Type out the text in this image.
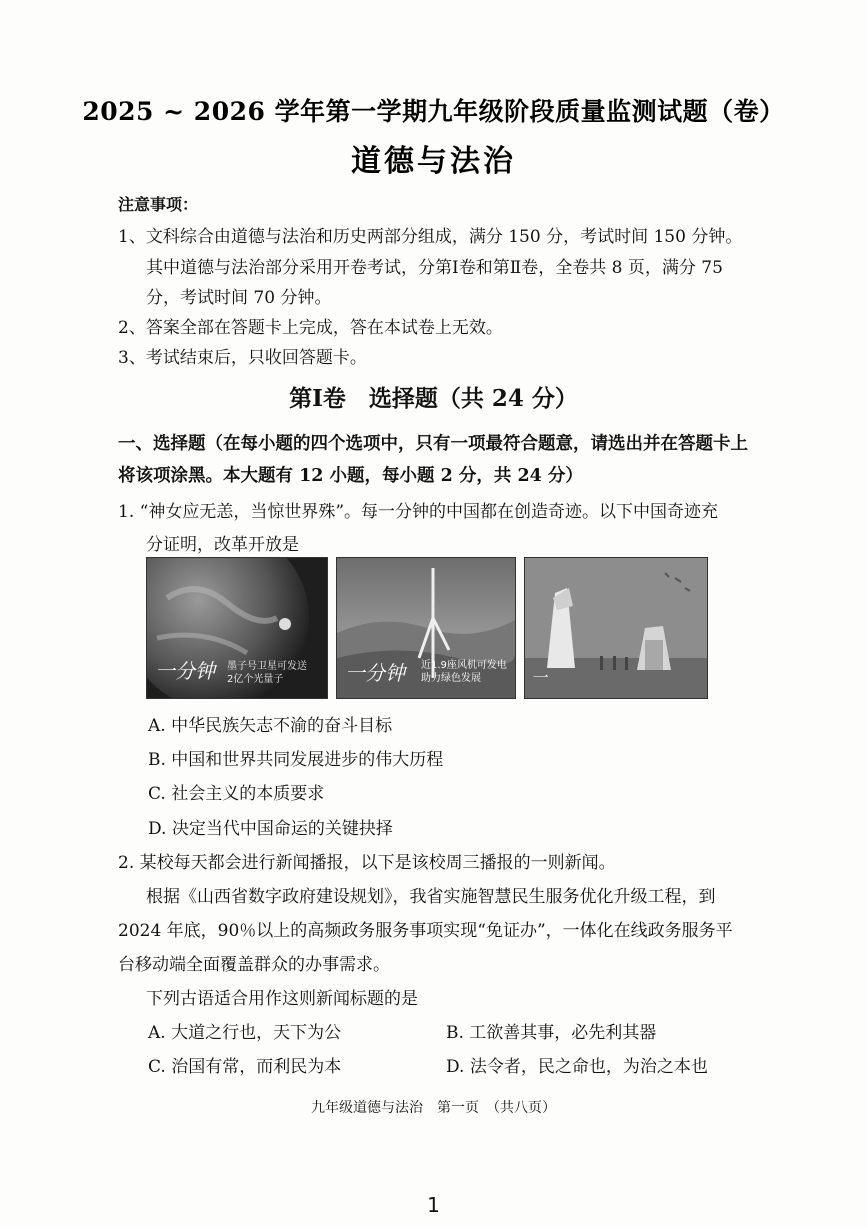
2025 ~ 2026 学年第一学期九年级阶段质量监测试题（卷）
道德与法治
注意事项：
1、文科综合由道德与法治和历史两部分组成，满分 150 分，考试时间 150 分钟。
其中道德与法治部分采用开卷考试，分第Ⅰ卷和第Ⅱ卷，全卷共 8 页，满分 75
分，考试时间 70 分钟。
2、答案全部在答题卡上完成，答在本试卷上无效。
3、考试结束后，只收回答题卡。
第Ⅰ卷　选择题（共 24 分）
一、选择题（在每小题的四个选项中，只有一项最符合题意，请选出并在答题卡上
将该项涂黑。本大题有 12 小题，每小题 2 分，共 24 分）
1. “神女应无恙，当惊世界殊”。每一分钟的中国都在创造奇迹。以下中国奇迹充
分证明，改革开放是
一分钟 墨子号卫星可发送
2亿个光量子	一分钟 近1.9座风机可发电
助力绿色发展	一
A. 中华民族矢志不渝的奋斗目标
B. 中国和世界共同发展进步的伟大历程
C. 社会主义的本质要求
D. 决定当代中国命运的关键抉择
2. 某校每天都会进行新闻播报，以下是该校周三播报的一则新闻。
根据《山西省数字政府建设规划》，我省实施智慧民生服务优化升级工程，到
2024 年底，90％以上的高频政务服务事项实现“免证办”，一体化在线政务服务平
台移动端全面覆盖群众的办事需求。
下列古语适合用作这则新闻标题的是
A. 大道之行也，天下为公	B. 工欲善其事，必先利其器
C. 治国有常，而利民为本	D. 法令者，民之命也，为治之本也
九年级道德与法治　第一页　（共八页）
1
